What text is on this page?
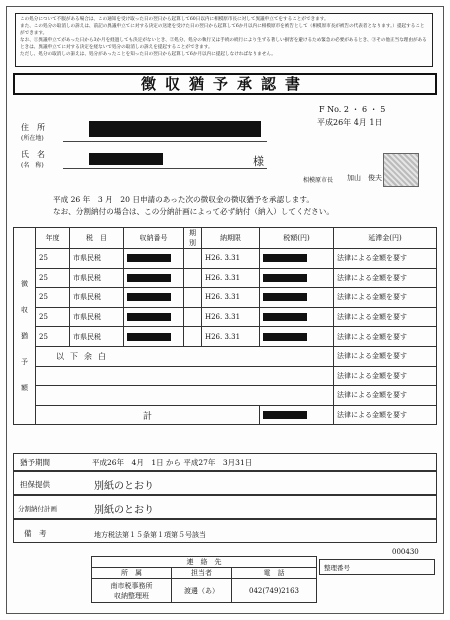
この処分について不服がある場合は、この通知を受け取った日の翌日から起算して60日以内に相模原市長に対して異議申立てをすることができます。
また、この処分の取消しの訴えは、前記の異議申立てに対する決定の送達を受けた日の翌日から起算して6か月以内に相模原市を被告として（相模原市長が被告の代表者となります。）提起することができます。
なお、①異議申立てがあった日から3か月を経過しても決定がないとき、②処分、処分の執行又は手続の続行により生ずる著しい損害を避けるため緊急の必要があるとき、③その他正当な理由があるときは、異議申立てに対する決定を経ないで処分の取消しの訴えを提起することができます。
ただし、処分の取消しの訴えは、処分があったことを知った日の翌日から起算して6か月以内に提起しなければなりません。
徴収猶予承認書
F No. 2 ・ 6 ・ 5
平成26年 4月 1日
住　所
(所在地)
氏　名
(名　称)	様
相模原市長 加山　俊夫
平成 26 年　3 月　20 日申請のあった次の徴収金の徴収猶予を承認します。
なお、分割納付の場合は、この分納計画によって必ず納付（納入）してください。
	年度	税　目	収納番号	期別	納期限	税額(円)	延滞金(円)

徴
収
猶
予
額	25	市県民税			H26. 3.31		法律による金額を要す
	25	市県民税			H26. 3.31		法律による金額を要す
	25	市県民税			H26. 3.31		法律による金額を要す
	25	市県民税			H26. 3.31		法律による金額を要す
	25	市県民税			H26. 3.31		法律による金額を要す
	以下余白						法律による金額を要す
							法律による金額を要す
							法律による金額を要す
	計						法律による金額を要す
猶予期間	平成26年　4月　1日 から 平成27年　3月31日
担保提供	別紙のとおり
分割納付計画	別紙のとおり
備　考	地方税法第１５条第１項第５号該当
連　絡　先		
所　属	担当者	電　話

南市税事務所
収納整理班	渡邊（あ）	042(749)2163
整理番号
000430
